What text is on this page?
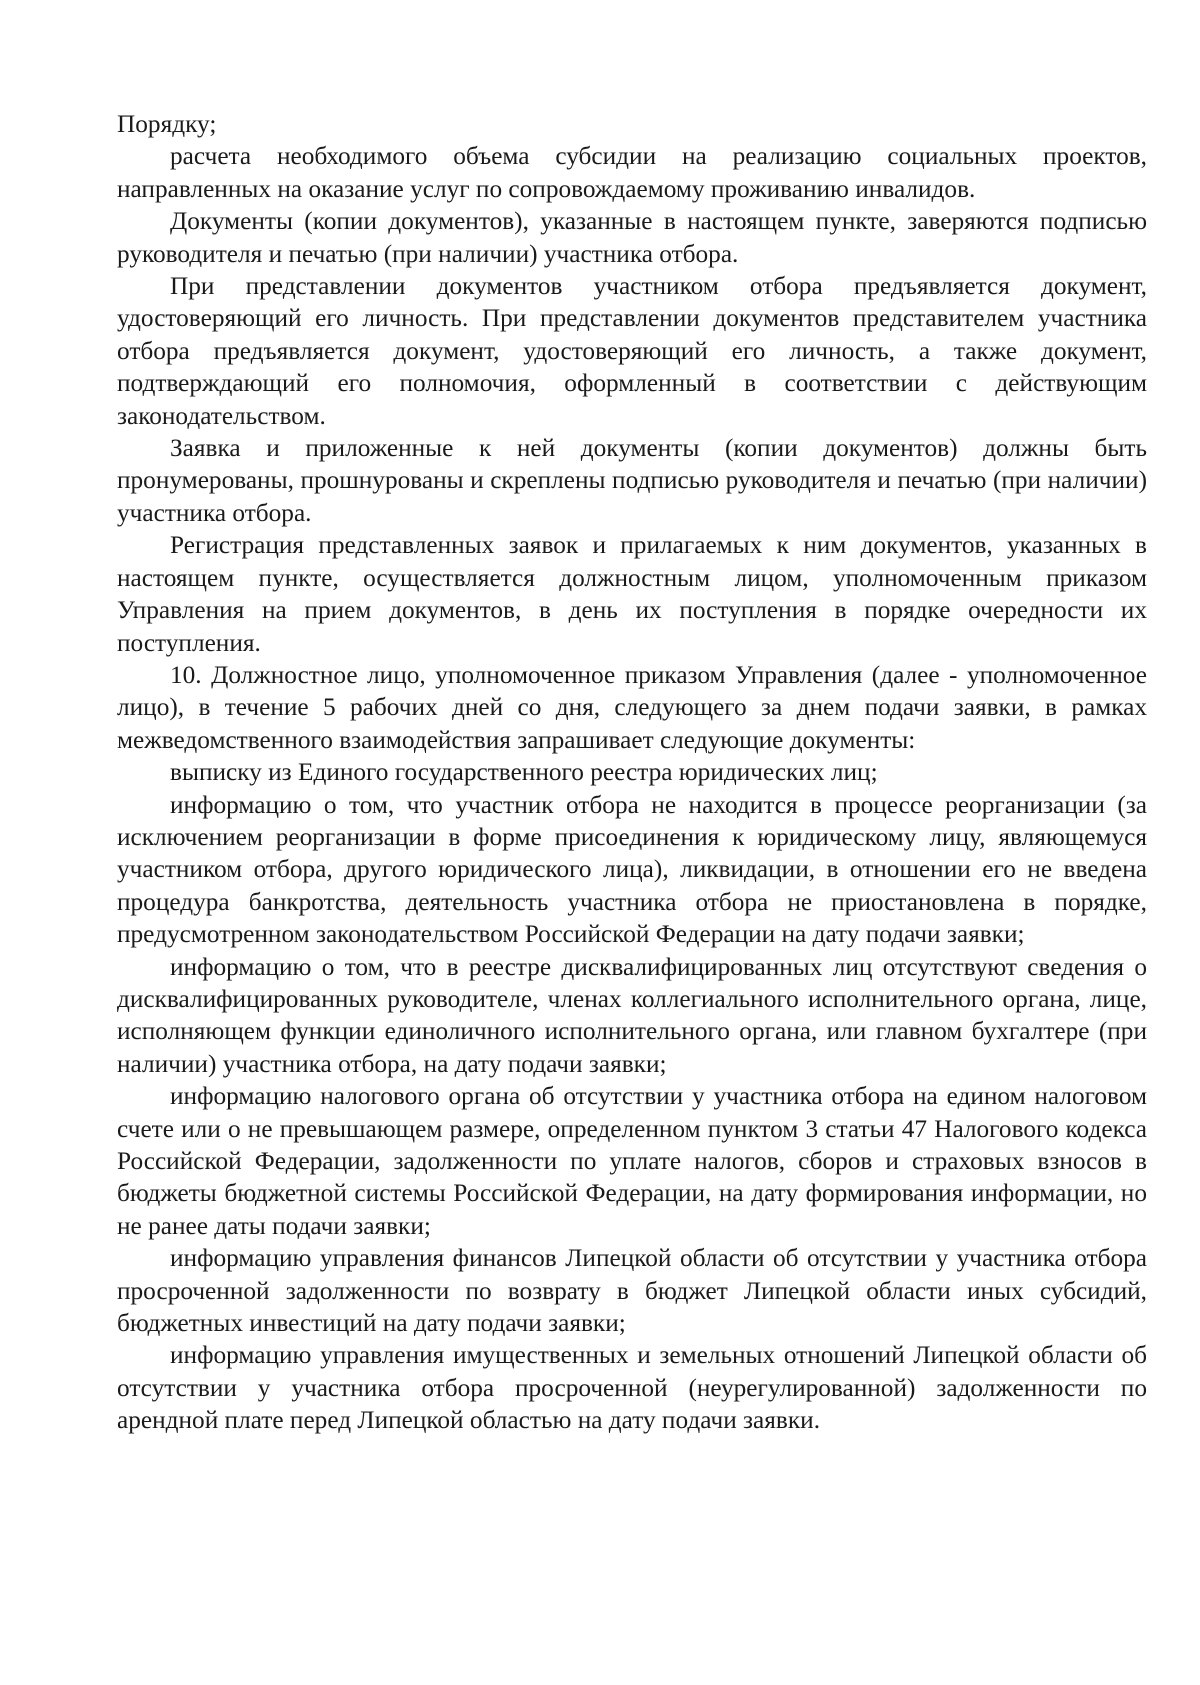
Порядку;

расчета необходимого объема субсидии на реализацию социальных проектов, направленных на оказание услуг по сопровождаемому проживанию инвалидов.

Документы (копии документов), указанные в настоящем пункте, заверяются подписью руководителя и печатью (при наличии) участника отбора.

При представлении документов участником отбора предъявляется документ, удостоверяющий его личность. При представлении документов представителем участника отбора предъявляется документ, удостоверяющий его личность, а также документ, подтверждающий его полномочия, оформленный в соответствии с действующим законодательством.

Заявка и приложенные к ней документы (копии документов) должны быть пронумерованы, прошнурованы и скреплены подписью руководителя и печатью (при наличии) участника отбора.

Регистрация представленных заявок и прилагаемых к ним документов, указанных в настоящем пункте, осуществляется должностным лицом, уполномоченным приказом Управления на прием документов, в день их поступления в порядке очередности их поступления.

10. Должностное лицо, уполномоченное приказом Управления (далее - уполномоченное лицо), в течение 5 рабочих дней со дня, следующего за днем подачи заявки, в рамках межведомственного взаимодействия запрашивает следующие документы:

выписку из Единого государственного реестра юридических лиц;

информацию о том, что участник отбора не находится в процессе реорганизации (за исключением реорганизации в форме присоединения к юридическому лицу, являющемуся участником отбора, другого юридического лица), ликвидации, в отношении его не введена процедура банкротства, деятельность участника отбора не приостановлена в порядке, предусмотренном законодательством Российской Федерации на дату подачи заявки;

информацию о том, что в реестре дисквалифицированных лиц отсутствуют сведения о дисквалифицированных руководителе, членах коллегиального исполнительного органа, лице, исполняющем функции единоличного исполнительного органа, или главном бухгалтере (при наличии) участника отбора, на дату подачи заявки;

информацию налогового органа об отсутствии у участника отбора на едином налоговом счете или о не превышающем размере, определенном пунктом 3 статьи 47 Налогового кодекса Российской Федерации, задолженности по уплате налогов, сборов и страховых взносов в бюджеты бюджетной системы Российской Федерации, на дату формирования информации, но не ранее даты подачи заявки;

информацию управления финансов Липецкой области об отсутствии у участника отбора просроченной задолженности по возврату в бюджет Липецкой области иных субсидий, бюджетных инвестиций на дату подачи заявки;

информацию управления имущественных и земельных отношений Липецкой области об отсутствии у участника отбора просроченной (неурегулированной) задолженности по арендной плате перед Липецкой областью на дату подачи заявки.
